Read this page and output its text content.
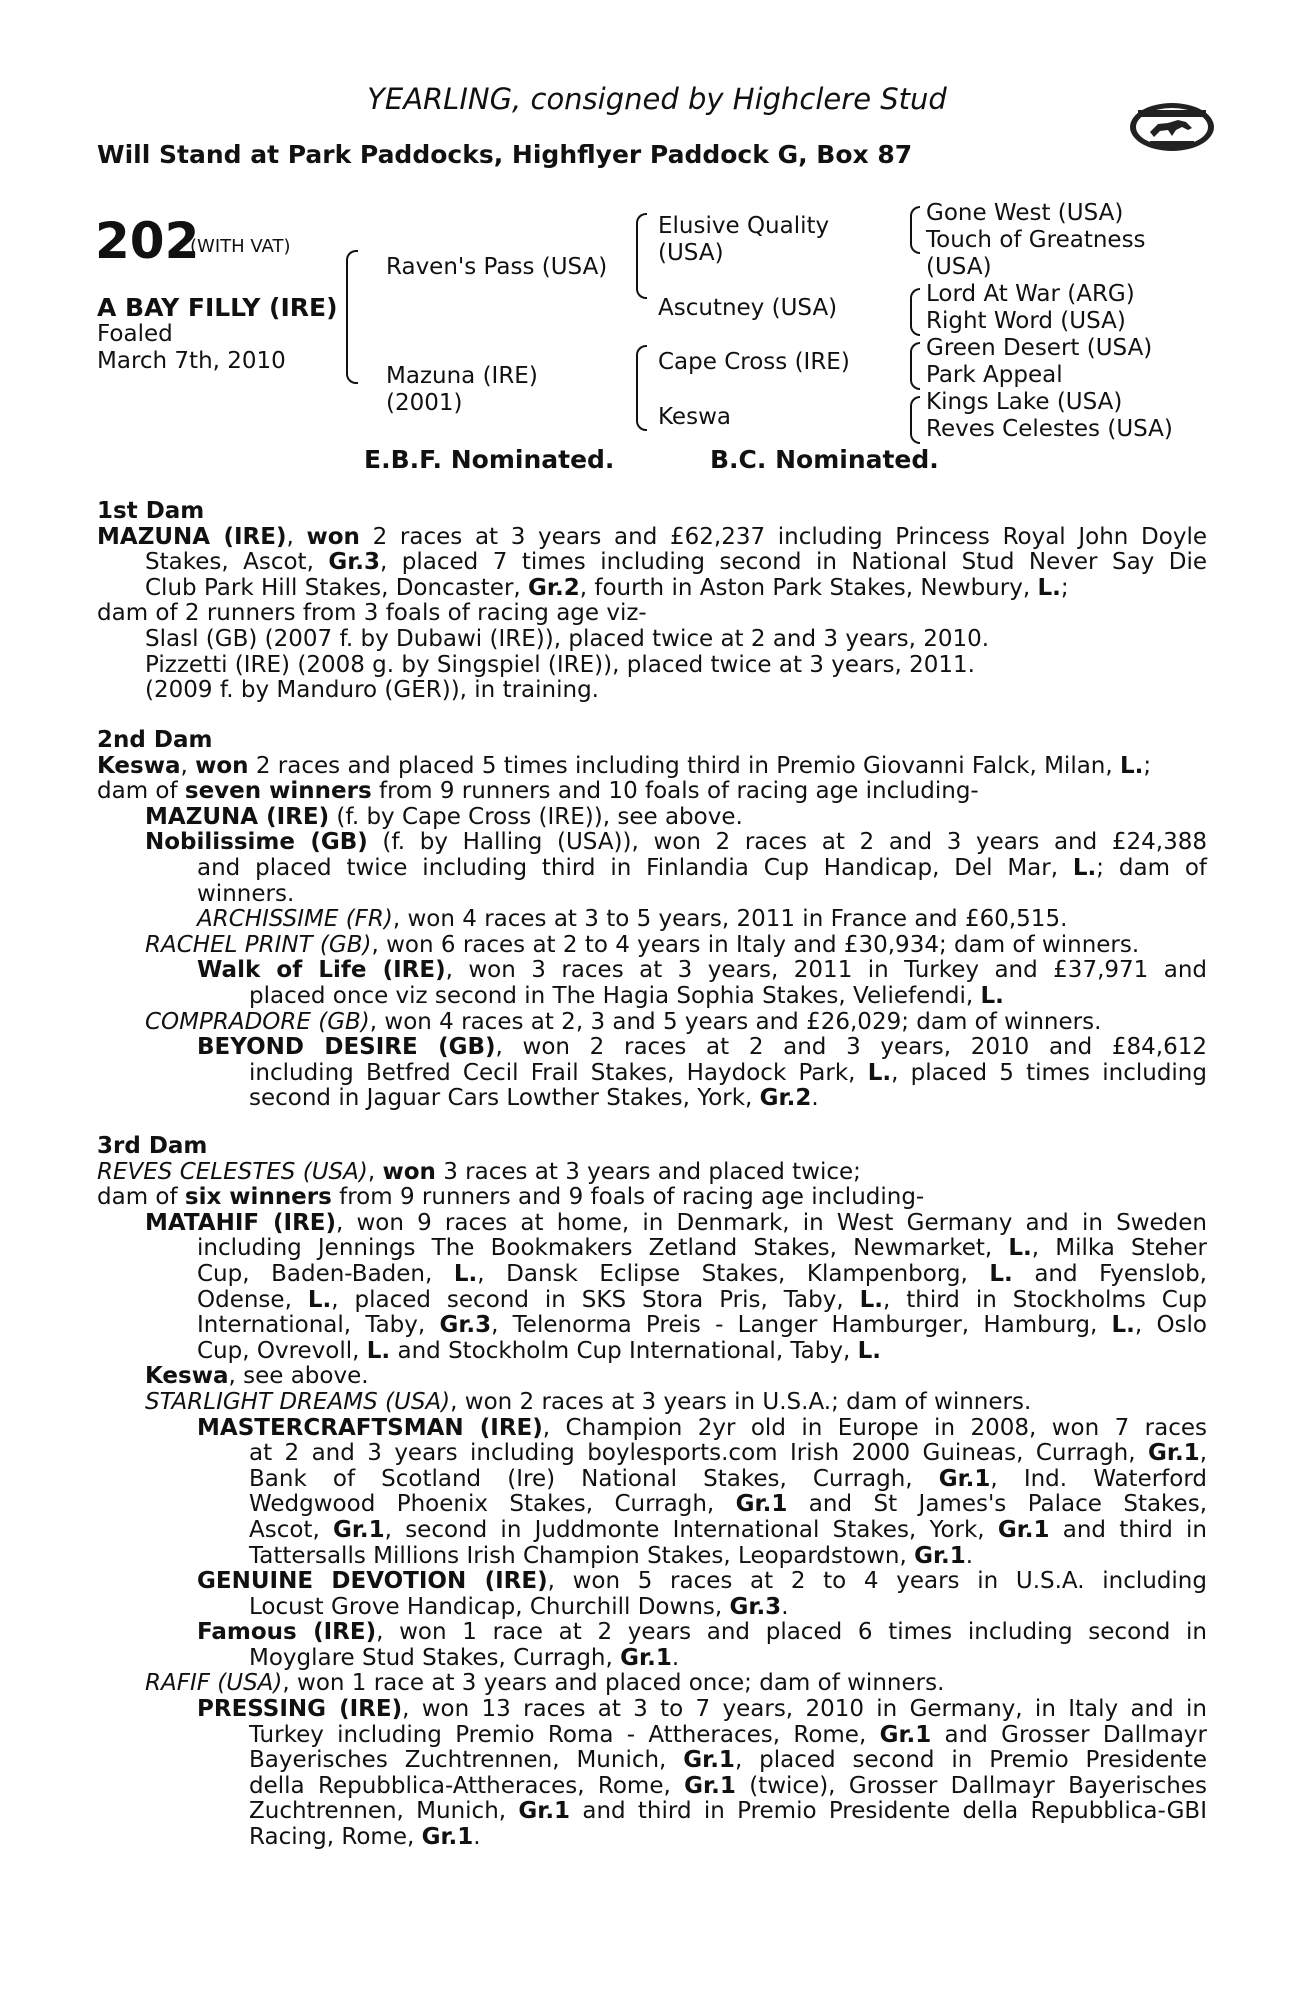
YEARLING, consigned by Highclere Stud
Will Stand at Park Paddocks, Highflyer Paddock G, Box 87
202
(WITH VAT)
A BAY FILLY (IRE)
Foaled
March 7th, 2010
Raven's Pass (USA)
Mazuna (IRE)
(2001)
Elusive Quality
(USA)
Ascutney (USA)
Cape Cross (IRE)
Keswa
Gone West (USA)
Touch of Greatness
(USA)
Lord At War (ARG)
Right Word (USA)
Green Desert (USA)
Park Appeal
Kings Lake (USA)
Reves Celestes (USA)
E.B.F. Nominated.	B.C. Nominated.
1st Dam
MAZUNA (IRE), won 2 races at 3 years and £62,237 including Princess Royal John Doyle
Stakes, Ascot, Gr.3, placed 7 times including second in National Stud Never Say Die
Club Park Hill Stakes, Doncaster, Gr.2, fourth in Aston Park Stakes, Newbury, L.;
dam of 2 runners from 3 foals of racing age viz-
Slasl (GB) (2007 f. by Dubawi (IRE)), placed twice at 2 and 3 years, 2010.
Pizzetti (IRE) (2008 g. by Singspiel (IRE)), placed twice at 3 years, 2011.
(2009 f. by Manduro (GER)), in training.
2nd Dam
Keswa, won 2 races and placed 5 times including third in Premio Giovanni Falck, Milan, L.;
dam of seven winners from 9 runners and 10 foals of racing age including-
MAZUNA (IRE) (f. by Cape Cross (IRE)), see above.
Nobilissime (GB) (f. by Halling (USA)), won 2 races at 2 and 3 years and £24,388
and placed twice including third in Finlandia Cup Handicap, Del Mar, L.; dam of
winners.
ARCHISSIME (FR), won 4 races at 3 to 5 years, 2011 in France and £60,515.
RACHEL PRINT (GB), won 6 races at 2 to 4 years in Italy and £30,934; dam of winners.
Walk of Life (IRE), won 3 races at 3 years, 2011 in Turkey and £37,971 and
placed once viz second in The Hagia Sophia Stakes, Veliefendi, L.
COMPRADORE (GB), won 4 races at 2, 3 and 5 years and £26,029; dam of winners.
BEYOND DESIRE (GB), won 2 races at 2 and 3 years, 2010 and £84,612
including Betfred Cecil Frail Stakes, Haydock Park, L., placed 5 times including
second in Jaguar Cars Lowther Stakes, York, Gr.2.
3rd Dam
REVES CELESTES (USA), won 3 races at 3 years and placed twice;
dam of six winners from 9 runners and 9 foals of racing age including-
MATAHIF (IRE), won 9 races at home, in Denmark, in West Germany and in Sweden
including Jennings The Bookmakers Zetland Stakes, Newmarket, L., Milka Steher
Cup, Baden-Baden, L., Dansk Eclipse Stakes, Klampenborg, L. and Fyenslob,
Odense, L., placed second in SKS Stora Pris, Taby, L., third in Stockholms Cup
International, Taby, Gr.3, Telenorma Preis - Langer Hamburger, Hamburg, L., Oslo
Cup, Ovrevoll, L. and Stockholm Cup International, Taby, L.
Keswa, see above.
STARLIGHT DREAMS (USA), won 2 races at 3 years in U.S.A.; dam of winners.
MASTERCRAFTSMAN (IRE), Champion 2yr old in Europe in 2008, won 7 races
at 2 and 3 years including boylesports.com Irish 2000 Guineas, Curragh, Gr.1,
Bank of Scotland (Ire) National Stakes, Curragh, Gr.1, Ind. Waterford
Wedgwood Phoenix Stakes, Curragh, Gr.1 and St James's Palace Stakes,
Ascot, Gr.1, second in Juddmonte International Stakes, York, Gr.1 and third in
Tattersalls Millions Irish Champion Stakes, Leopardstown, Gr.1.
GENUINE DEVOTION (IRE), won 5 races at 2 to 4 years in U.S.A. including
Locust Grove Handicap, Churchill Downs, Gr.3.
Famous (IRE), won 1 race at 2 years and placed 6 times including second in
Moyglare Stud Stakes, Curragh, Gr.1.
RAFIF (USA), won 1 race at 3 years and placed once; dam of winners.
PRESSING (IRE), won 13 races at 3 to 7 years, 2010 in Germany, in Italy and in
Turkey including Premio Roma - Attheraces, Rome, Gr.1 and Grosser Dallmayr
Bayerisches Zuchtrennen, Munich, Gr.1, placed second in Premio Presidente
della Repubblica-Attheraces, Rome, Gr.1 (twice), Grosser Dallmayr Bayerisches
Zuchtrennen, Munich, Gr.1 and third in Premio Presidente della Repubblica-GBI
Racing, Rome, Gr.1.
